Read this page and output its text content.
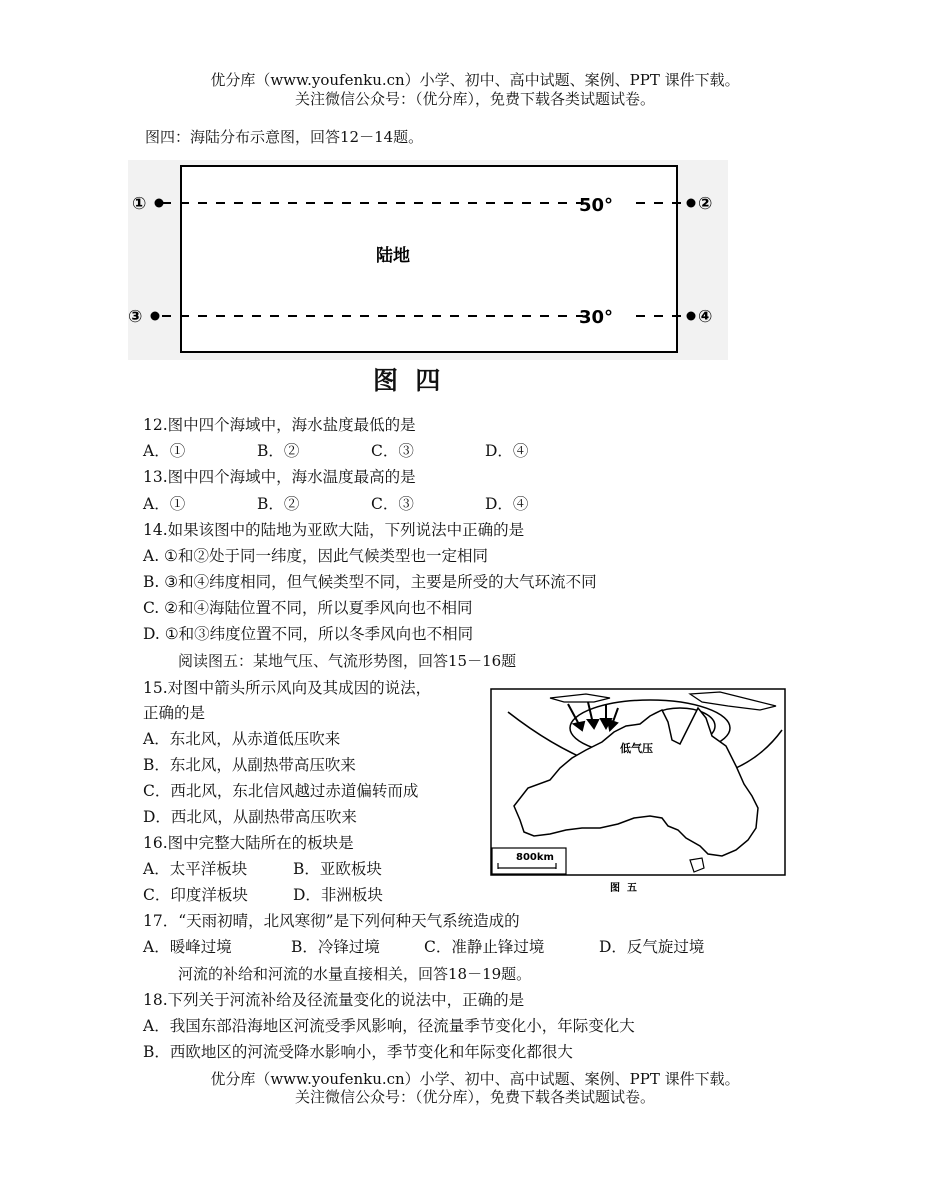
优分库（www.youfenku.cn）小学、初中、高中试题、案例、PPT 课件下载。
关注微信公众号：（优分库），免费下载各类试题试卷。
图四：海陆分布示意图，回答12－14题。
①	②
③	④
50°
30°
陆地
图  四
12.图中四个海域中，海水盐度最低的是
A．①	B．②	C．③	D．④
13.图中四个海域中，海水温度最高的是
A．①	B．②	C．③	D．④
14.如果该图中的陆地为亚欧大陆，下列说法中正确的是
A. ①和②处于同一纬度，因此气候类型也一定相同
B. ③和④纬度相同，但气候类型不同，主要是所受的大气环流不同
C. ②和④海陆位置不同，所以夏季风向也不相同
D. ①和③纬度位置不同，所以冬季风向也不相同
阅读图五：某地气压、气流形势图，回答15－16题
15.对图中箭头所示风向及其成因的说法，
正确的是
A．东北风，从赤道低压吹来
B．东北风，从副热带高压吹来
C．西北风，东北信风越过赤道偏转而成
D．西北风，从副热带高压吹来
16.图中完整大陆所在的板块是
A．太平洋板块	B．亚欧板块
C．印度洋板块	D．非洲板块
低气压
800km
图  五
17．“天雨初晴，北风寒彻”是下列何种天气系统造成的
A．暖峰过境	B．冷锋过境	C．准静止锋过境	D．反气旋过境
河流的补给和河流的水量直接相关，回答18－19题。
18.下列关于河流补给及径流量变化的说法中，正确的是
A．我国东部沿海地区河流受季风影响，径流量季节变化小，年际变化大
B．西欧地区的河流受降水影响小，季节变化和年际变化都很大
优分库（www.youfenku.cn）小学、初中、高中试题、案例、PPT 课件下载。
关注微信公众号：（优分库），免费下载各类试题试卷。
